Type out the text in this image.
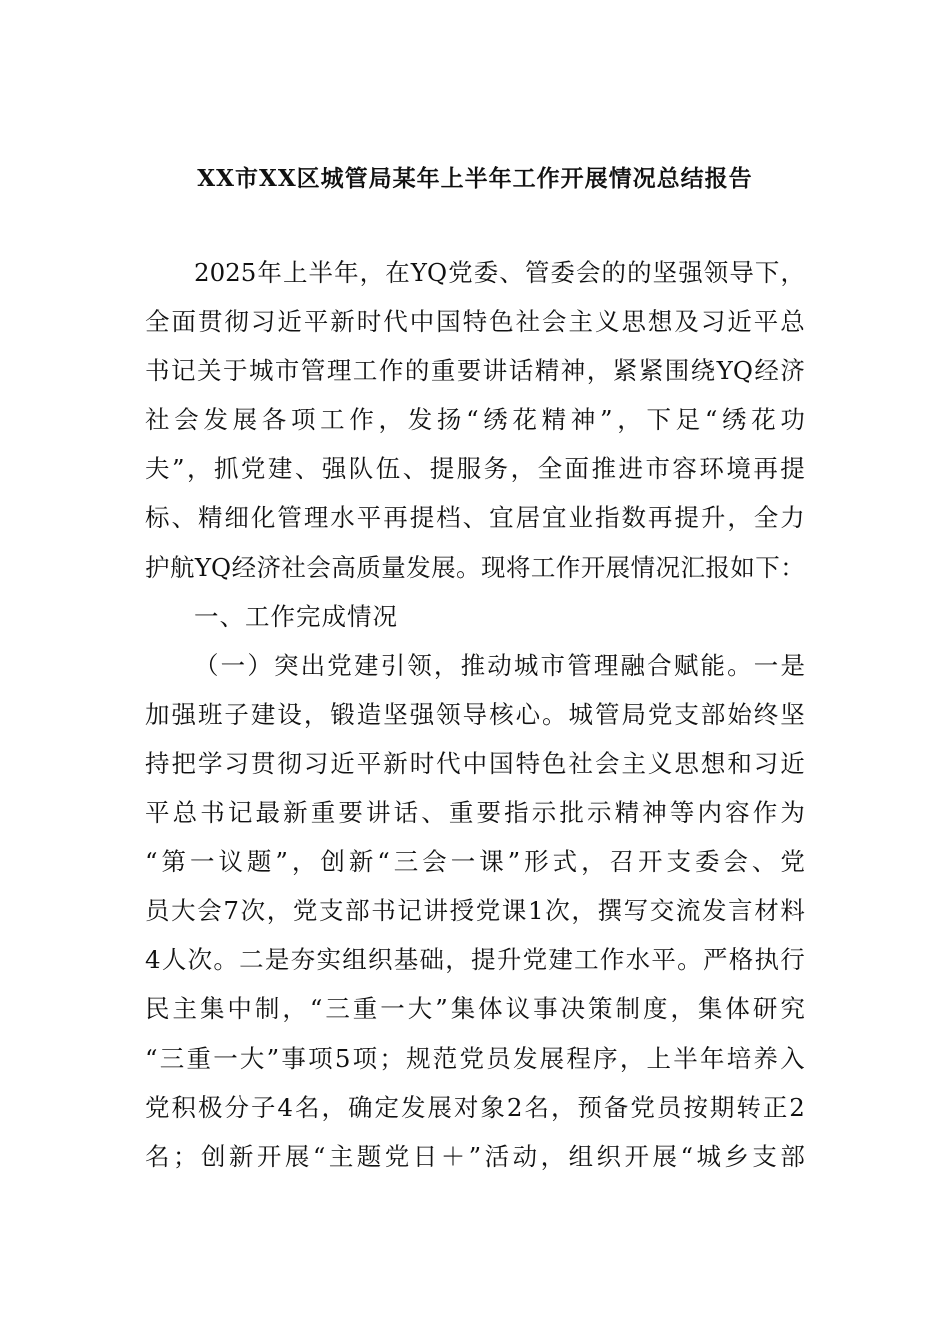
XX市XX区城管局某年上半年工作开展情况总结报告
2025 年 上 半 年 ， 在 YQ 党 委 、 管 委 会 的 的 坚 强 领 导 下 ，
全 面 贯 彻 习 近 平 新 时 代 中 国 特 色 社 会 主 义 思 想 及 习 近 平 总
书 记 关 于 城 市 管 理 工 作 的 重 要 讲 话 精 神 ， 紧 紧 围 绕 YQ 经 济
社 会 发 展 各 项 工 作 ， 发 扬 “ 绣 花 精 神 ” ， 下 足 “ 绣 花 功
夫 ” ， 抓 党 建 、 强 队 伍 、 提 服 务 ， 全 面 推 进 市 容 环 境 再 提
标 、 精 细 化 管 理 水 平 再 提 档 、 宜 居 宜 业 指 数 再 提 升 ， 全 力
护 航 YQ 经 济 社 会 高 质 量 发 展 。 现 将 工 作 开 展 情 况 汇 报 如 下 ：
一、工作完成情况
（ 一 ） 突 出 党 建 引 领 ， 推 动 城 市 管 理 融 合 赋 能 。 一 是
加 强 班 子 建 设 ， 锻 造 坚 强 领 导 核 心 。 城 管 局 党 支 部 始 终 坚
持 把 学 习 贯 彻 习 近 平 新 时 代 中 国 特 色 社 会 主 义 思 想 和 习 近
平 总 书 记 最 新 重 要 讲 话 、 重 要 指 示 批 示 精 神 等 内 容 作 为
“ 第 一 议 题 ” ， 创 新 “ 三 会 一 课 ” 形 式 ， 召 开 支 委 会 、 党
员 大 会 7 次 ， 党 支 部 书 记 讲 授 党 课 1 次 ， 撰 写 交 流 发 言 材 料
4 人 次 。 二 是 夯 实 组 织 基 础 ， 提 升 党 建 工 作 水 平 。 严 格 执 行
民 主 集 中 制 ， “ 三 重 一 大 ” 集 体 议 事 决 策 制 度 ， 集 体 研 究
“ 三 重 一 大 ” 事 项 5 项 ； 规 范 党 员 发 展 程 序 ， 上 半 年 培 养 入
党 积 极 分 子 4 名 ， 确 定 发 展 对 象 2 名 ， 预 备 党 员 按 期 转 正 2
名 ； 创 新 开 展 “ 主 题 党 日 ＋ ” 活 动 ， 组 织 开 展 “ 城 乡 支 部
